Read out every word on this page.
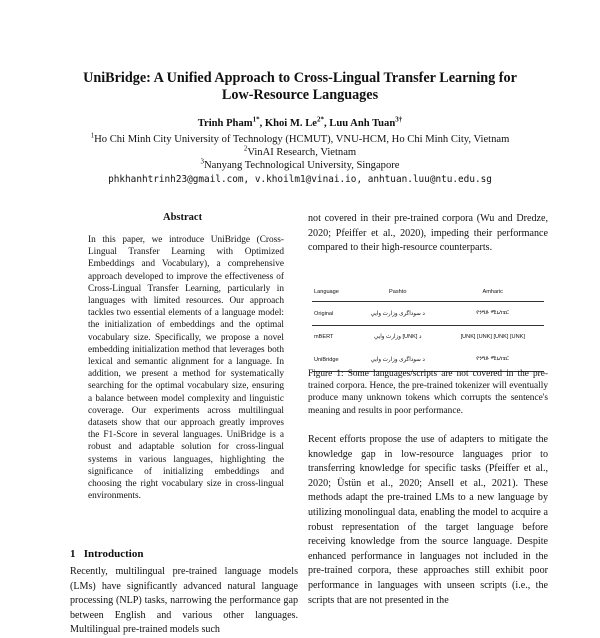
UniBridge: A Unified Approach to Cross-Lingual Transfer Learning for
Low-Resource Languages
Trinh Pham$^{1*}$, Khoi M. $Le^{2*}$, Luu Anh Tuan$^{3\dagger}$
$^1$Ho Chi Minh City University of Technology (HCMUT), VNU-HCM, Ho Chi Minh City, Vietnam
$^2$VinAI Research, Vietnam
$^3$Nanyang Technological University, Singapore
phkhanhtrinh23@gmail.com, v.khoilm1@vinai.io, anhtuan.luu@ntu.edu.sg
Abstract

In this paper, we introduce UniBridge (Cross-Lingual Transfer Learning with Optimized Embeddings and Vocabulary), a comprehensive approach developed to improve the effectiveness of Cross-Lingual Transfer Learning, particularly in languages with limited resources. Our approach tackles two essential elements of a language model: the initialization of embeddings and the optimal vocabulary size. Specifically, we propose a novel embedding initialization method that leverages both lexical and semantic alignment for a language. In addition, we present a method for systematically searching for the optimal vocabulary size, ensuring a balance between model complexity and linguistic coverage. Our experiments across multilingual datasets show that our approach greatly improves the F1-Score in several languages. UniBridge is a robust and adaptable solution for cross-lingual systems in various languages, highlighting the significance of initializing embeddings and choosing the right vocabulary size in cross-lingual environments.

1 Introduction

Recently, multilingual pre-trained language models (LMs) have significantly advanced natural language processing (NLP) tasks, narrowing the performance gap between English and various other languages. Multilingual pre-trained models such

not covered in their pre-trained corpora (Wu and Dredze, 2020; Pfeiffer et al., 2020), impeding their performance compared to their high-resource counterparts.

Language	Pashto	Amharic
Original	د سوداگری وزارت وایي	የንግድ ሚኒስቴር
mBERT	د [UNK] وزارت وایي	[UNK] [UNK] [UNK] [UNK]
UniBridge	د سوداگری وزارت وایي	የንግድ ሚኒስቴር

Figure 1: Some languages/scripts are not covered in the pre-trained corpora. Hence, the pre-trained tokenizer will eventually produce many unknown tokens which corrupts the sentence's meaning and results in poor performance.

Recent efforts propose the use of adapters to mitigate the knowledge gap in low-resource languages prior to transferring knowledge for specific tasks (Pfeiffer et al., 2020; Üstün et al., 2020; Ansell et al., 2021). These methods adapt the pre-trained LMs to a new language by utilizing monolingual data, enabling the model to acquire a robust representation of the target language before receiving knowledge from the source language. Despite enhanced performance in languages not included in the pre-trained corpora, these approaches still exhibit poor performance in languages with unseen scripts (i.e., the scripts that are not presented in the
